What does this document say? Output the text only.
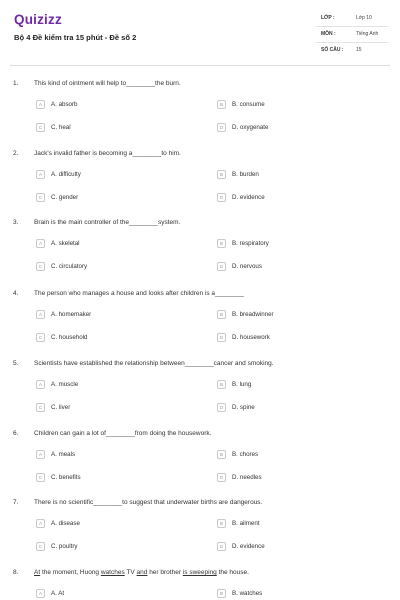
Quizizz
Bộ 4 Đề kiểm tra 15 phút - Đề số 2
LỚP :	Lớp 10
MÔN :	Tiếng Anh
SỐ CÂU :	15
1. This kind of ointment will help to________the burn.
A	A. absorb	B	B. consume
C	C. heal	D	D. oxygenate
2. Jack's invalid father is becoming a________to him.
A	A. difficulty	B	B. burden
C	C. gender	D	D. evidence
3. Brain is the main controller of the________system.
A	A. skeletal	B	B. respiratory
C	C. circulatory	D	D. nervous
4. The person who manages a house and looks after children is a________
A	A. homemaker	B	B. breadwinner
C	C. household	D	D. housework
5. Scientists have established the relationship between________cancer and smoking.
A	A. muscle	B	B. lung
C	C. liver	D	D. spine
6. Children can gain a lot of________from doing the housework.
A	A. meals	B	B. chores
C	C. benefits	D	D. needles
7. There is no scientific________to suggest that underwater births are dangerous.
A	A. disease	B	B. ailment
C	C. poultry	D	D. evidence
8. At the moment, Huong watches TV and her brother is sweeping the house.
A	A. At	B	B. watches
